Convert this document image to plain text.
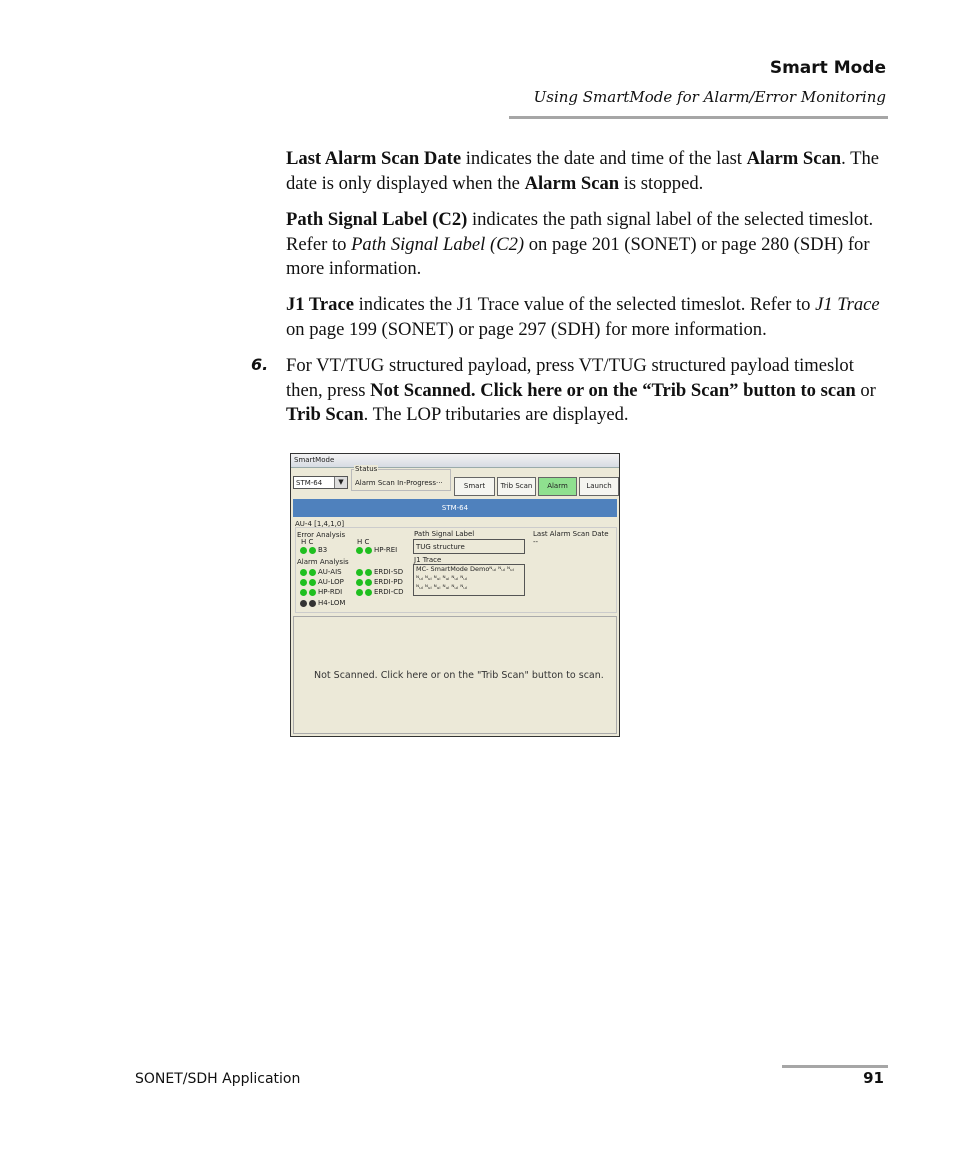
Smart Mode
Using SmartMode for Alarm/Error Monitoring

Last Alarm Scan Date indicates the date and time of the last Alarm Scan. The date is only displayed when the Alarm Scan is stopped.

Path Signal Label (C2) indicates the path signal label of the selected timeslot. Refer to Path Signal Label (C2) on page 201 (SONET) or page 280 (SDH) for more information.

J1 Trace indicates the J1 Trace value of the selected timeslot. Refer to J1 Trace on page 199 (SONET) or page 297 (SDH) for more information.

6. For VT/TUG structured payload, press VT/TUG structured payload timeslot then, press Not Scanned. Click here or on the “Trib Scan” button to scan or Trib Scan. The LOP tributaries are displayed.

SmartMode
STM-64	▼
Status
Alarm Scan In-Progress···	Smart	Trib Scan	Alarm	Launch
STM-64
AU-4 [1,4,1,0]
Error Analysis
H C	H C
B3	HP-REI
Alarm Analysis
AU-AIS
AU-LOP
HP-RDI
H4-LOM
ERDI-SD
ERDI-PD
ERDI-CD
Path Signal Label
TUG structure
J1 Trace
MC- SmartMode Demoᴺᵤₗ ᴺᵤₗ ᴺᵤₗ
ᴺᵤₗ ᴺᵤₗ ᴺᵤₗ ᴺᵤₗ ᴺᵤₗ ᴺᵤₗ
ᴺᵤₗ ᴺᵤₗ ᴺᵤₗ ᴺᵤₗ ᴺᵤₗ ᴺᵤₗ
Last Alarm Scan Date
--
Not Scanned. Click here or on the "Trib Scan" button to scan.
SONET/SDH Application	91
